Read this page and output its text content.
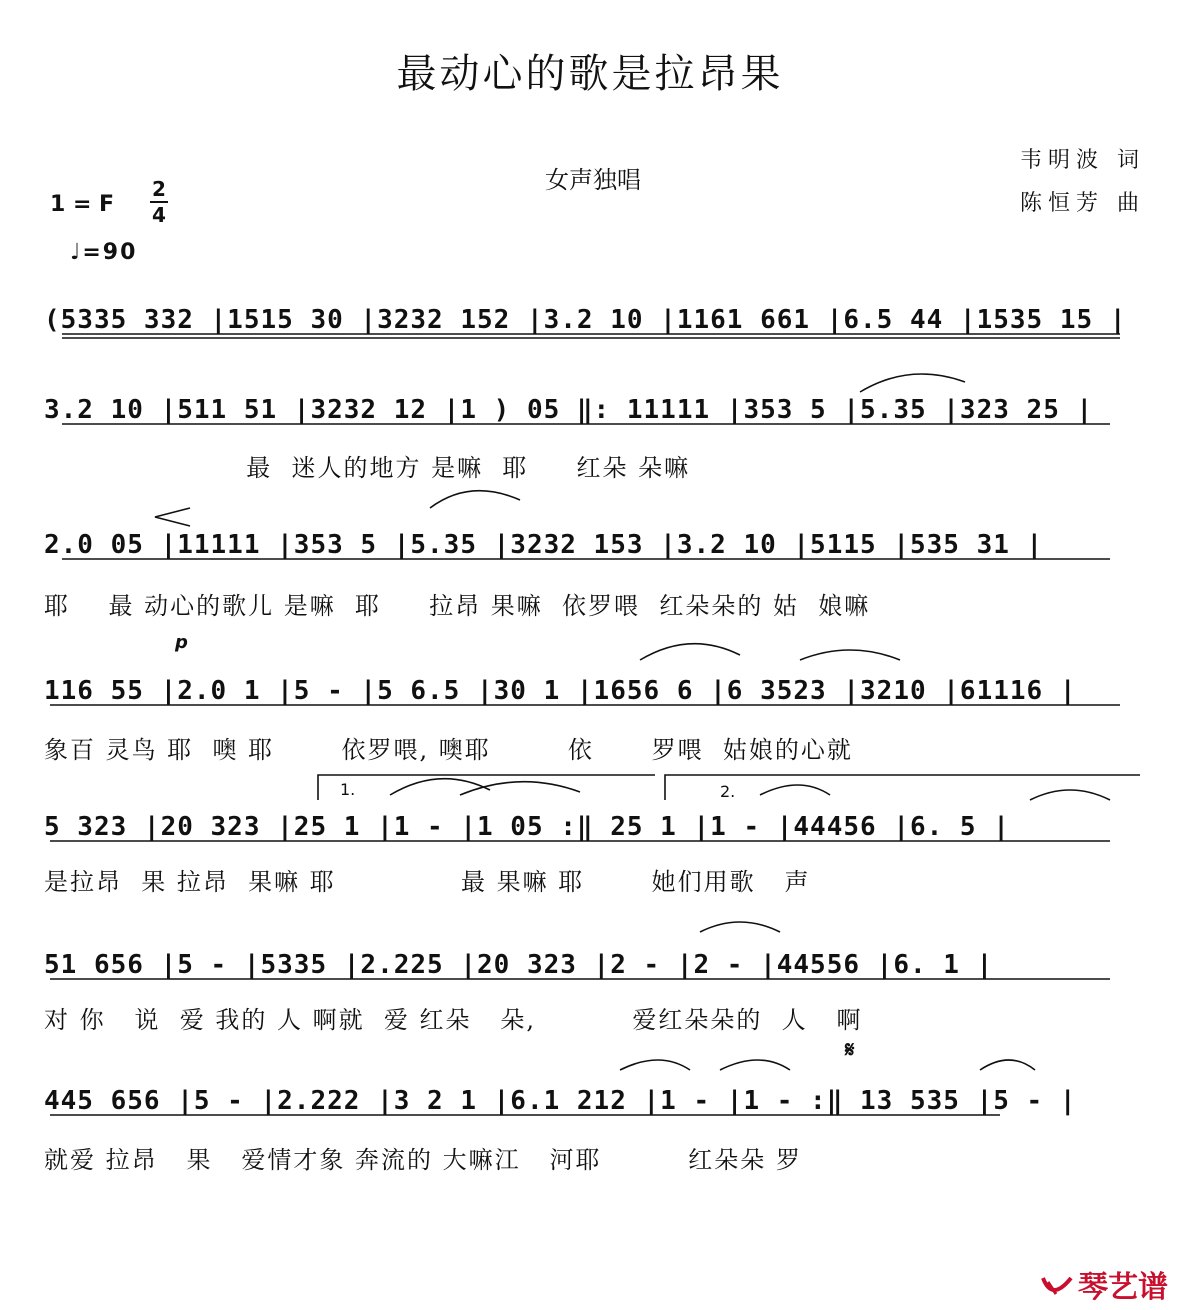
最动心的歌是拉昂果
女声独唱
韦明波 词
陈恒芳 曲
1 = F
2
4
♩=90
p
1.	2.
𝄋
(5335 332 |1515 30 |3232 152 |3.2 10 |1161 661 |6.5 44 |1535 15 |
3.2 10 |511 51 |3232 12 |1 ) 05 ‖: 11111 |353 5 |5.35 |323 25 |
最  迷人的地方 是嘛  耶     红朵 朵嘛
2.0 05 |11111 |353 5 |5.35 |3232 153 |3.2 10 |5115 |535 31 |
耶    最 动心的歌儿 是嘛  耶     拉昂 果嘛  依罗喂  红朵朵的 姑  娘嘛
116 55 |2.0 1 |5 - |5 6.5 |30 1 |1656 6 |6 3523 |3210 |61116 |
象百 灵鸟 耶  噢 耶       依罗喂, 噢耶        依      罗喂  姑娘的心就
5 323 |20 323 |25 1 |1 - |1 05 :‖ 25 1 |1 - |44456 |6. 5 |
是拉昂  果 拉昂  果嘛 耶             最 果嘛 耶       她们用歌   声
51 656 |5 - |5335 |2.225 |20 323 |2 - |2 - |44556 |6. 1 |
对 你   说  爱 我的 人 啊就  爱 红朵   朵,          爱红朵朵的  人   啊
445 656 |5 - |2.222 |3 2 1 |6.1 212 |1 - |1 - :‖ 13 535 |5 - |
就爱 拉昂   果   爱情才象 奔流的 大嘛江   河耶         红朵朵 罗
琴艺谱
